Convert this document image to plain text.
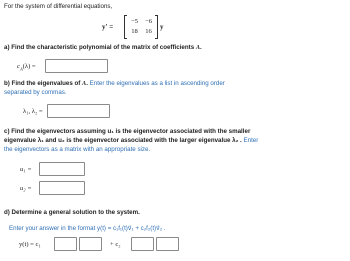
For the system of differential equations,
y′ =
−5	−6
18	16
y
a) Find the characteristic polynomial of the matrix of coefficients A.
$c_A(\lambda)$ =
b) Find the eigenvalues of A. Enter the eigenvalues as a list in ascending order
separated by commas.
λ₁, λ₂ =
c) Find the eigenvectors assuming u₁ is the eigenvector associated with the smaller
eigenvalue λ₁ and u₂ is the eigenvector associated with the larger eigenvalue λ₂ . Enter
the eigenvectors as a matrix with an appropriate size.
u₁ =
u₂ =
d) Determine a general solution to the system.
Enter your answer in the format y(t) = c₁f₁(t)v⃗₁ + c₂f₂(t)v⃗₂ .
y(t) = c₁	+ c₂
